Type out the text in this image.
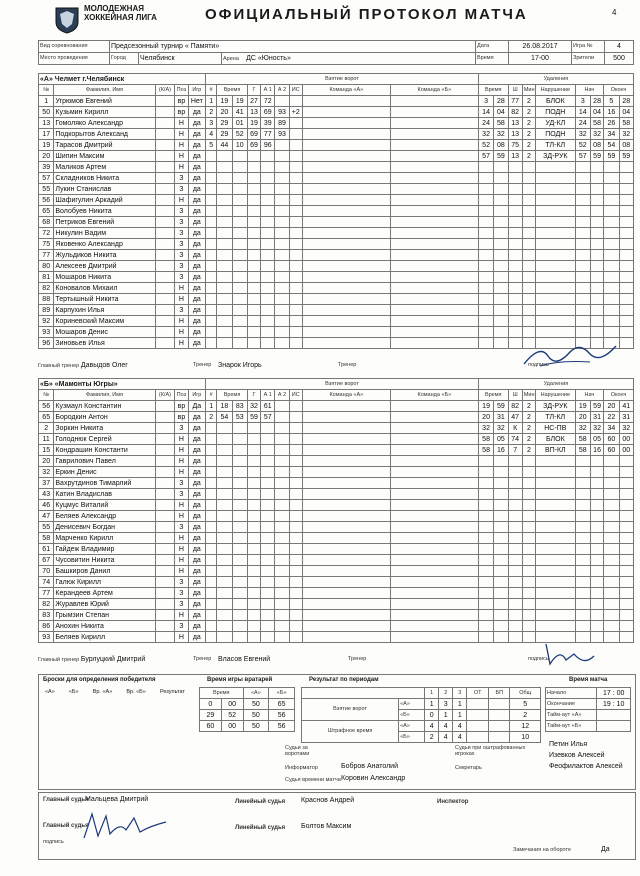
МОЛОДЕЖНАЯ
ХОККЕЙНАЯ ЛИГА	ОФИЦИАЛЬНЫЙ ПРОТОКОЛ МАТЧА	4
Вид соревнования	Предсезонный турнир « Памяти»			Дата	26.08.2017	Игра №	4
Место проведения	Город	Челябинск	Арена ДС «Юность»	Время	17-00	Зрители	500
«А» Челмет г.Челябинск					Взятие ворот									Удаления								
№	Фамилия, Имя	(К/А)	Поз	Игр	#	Время		Г	А 1	А 2	ИС	Команда «А»	Команда «Б»	Время		Ш	Мин	Нарушение	Нач		Оконч	
1	Угрюмов Евгений		вр	Нет	1	19	19	27	72					3	28	77	2	БЛОК	3	28	5	28
50	Кузьмин Кирилл		вр	да	2	20	41	13	69	93	+2			14	04	82	2	ПОДН	14	04	16	04
13	Гомоляко Александр		Н	да	3	29	01	19	39	89				24	58	13	2	УД-КЛ	24	58	26	58
17	Подкорытов Александ		Н	да	4	29	52	69	77	93				32	32	13	2	ПОДН	32	32	34	32
19	Тарасов Дмитрий		Н	да	5	44	10	69	96					52	08	75	2	ТЛ-КЛ	52	08	54	08
20	Шипин Максим		Н	да										57	59	13	2	ЗД-РУК	57	59	59	59
39	Маликов Артем		Н	да																		
57	Складников Никита		З	да																		
55	Лукин Станислав		З	да																		
56	Шафигулин Аркадий		Н	да																		
65	Волобуев Никита		З	да																		
68	Петриков Евгений		З	да																		
72	Никулин Вадим		З	да																		
75	Яковенко Александр		З	да																		
77	Жульдиков Никита		З	да																		
80	Алексеев Дмитрий		З	да																		
81	Мошаров Никита		З	да																		
82	Коновалов Михаил		Н	да																		
88	Тертышный Никита		Н	да																		
89	Карпухин Илья		З	да																		
92	Кориневский Максим		Н	да																		
93	Мошаров Денис		Н	да																		
96	Зиновьев Илья		Н	да																		
Главный тренер Давыдов Олег	Тренер Знарок Игорь	Тренер	подпись
«Б» «Мамонты Югры»					Взятие ворот									Удаления								
№	Фамилия, Имя	(К/А)	Поз	Игр	#	Время		Г	А 1	А 2	ИС	Команда «А»	Команда «Б»	Время		Ш	Мин	Нарушение	Нач		Оконч	
56	Кузмаул Константин		вр	Да	1	18	83	32	61					19	59	82	2	ЗД-РУК	19	59	20	41
65	Бородкин Антон		вр	да	2	54	53	59	57					20	31	47	2	ТЛ-КЛ	20	31	22	31
2	Зоркин Никита		З	да										32	32	К	2	НС-ПВ	32	32	34	32
11	Голоднюк Сергей		Н	да										58	05	74	2	БЛОК	58	05	60	00
15	Кондрашин Константи		Н	да										58	16	7	2	ВП-КЛ	58	16	60	00
20	Гаврилович Павел		Н	да																		
32	Еркин Денис		Н	да																		
37	Вахрутдинов Тимарлий		З	да																		
43	Катин Владислав		З	да																		
46	Куцмус Виталий		Н	да																		
47	Беляев Александр		Н	да																		
55	Денисевич Богдан		З	да																		
58	Марченко Кирилл		Н	да																		
61	Гайдеж Владимир		Н	да																		
67	Чусовитин Никита		Н	да																		
70	Башкиров Данил		Н	да																		
74	Галюк Кирилл		З	да																		
77	Керандеев Артем		З	да																		
82	Журавлев Юрий		З	да																		
83	Грымзин Степан		Н	да																		
86	Анохин Никита		З	да																		
93	Беляев Кирилл		Н	да																		
Главный тренер Бурлуцкий Дмитрий	Тренер Власов Евгений	Тренер	подпись
Броски для определения победителя
«А»	«Б»	Вр. «А»	Вр. «Б»	Результат
Время игры вратарей
Время		«А»	«Б»
0	00	50	65
29	52	50	56
60	00	50	56
Результат по периодам
		1	2	3	ОТ	БП	Общ
Взятие ворот	«А»	1	3	1			5
	«Б»	0	1	1			2
Штрафное время	«А»	4	4	4			12
	«Б»	2	4	4			10
Время матча
Начало	17 : 00
Окончание	19 : 10
Тайм-аут «А»	
Тайм-аут «Б»	
Судьи за воротами
Судьи при оштрафованных игроках
Петин Илья
Изевков Алексей
Информатор	Бобров Анатолий	Секретарь	Феофилактов Алексей
Судья времени матча Коровин Александр
Главный судья
Мальцева Дмитрий
Главный судья
подпись
Линейный судья Краснов Андрей
Линейный судья Болтов Максим
Инспектор
Замечания на обороте	Да
